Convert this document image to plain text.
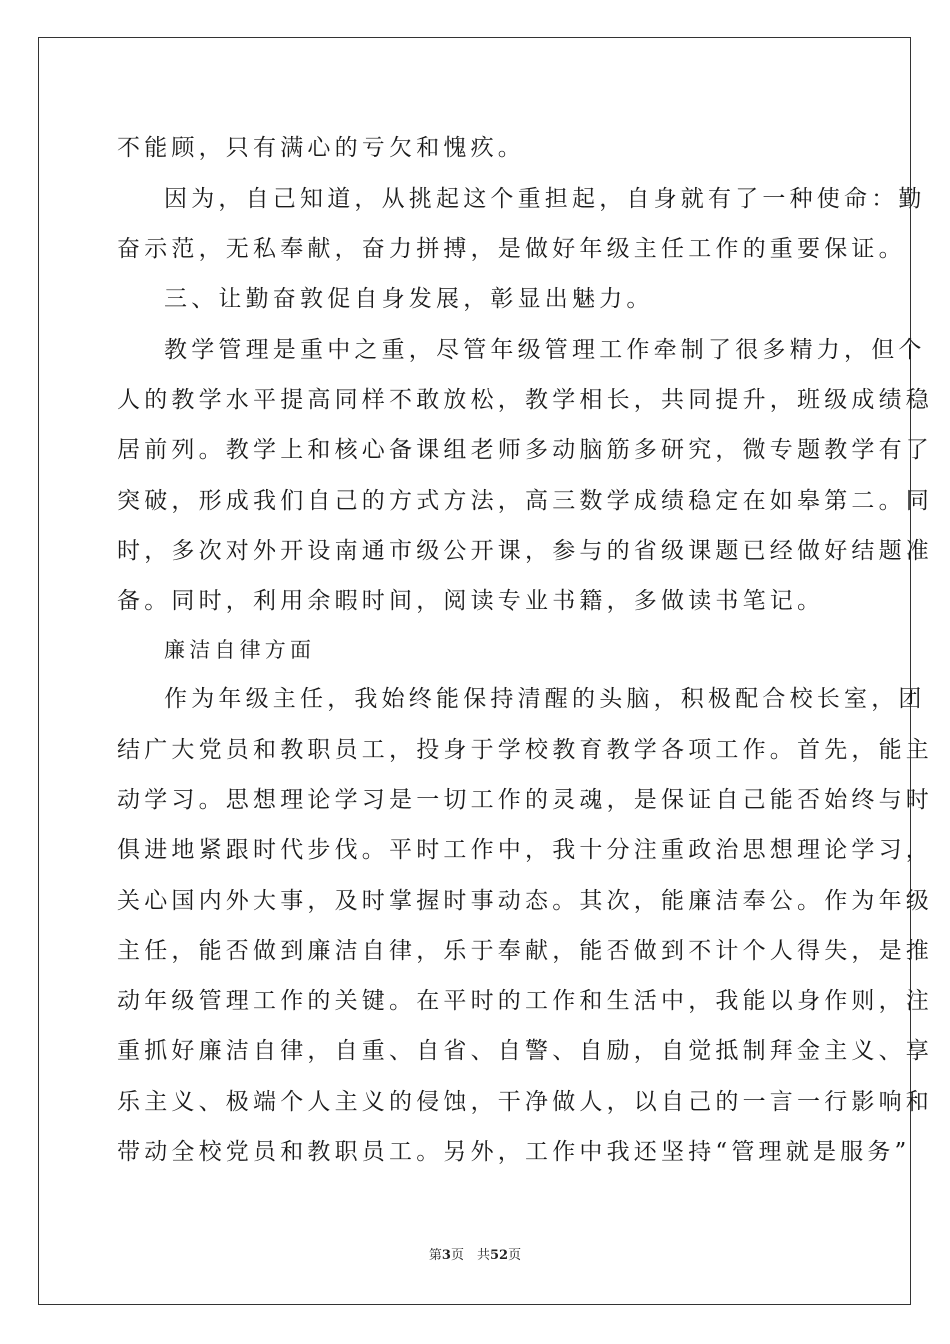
不能顾，只有满心的亏欠和愧疚。
因为，自己知道，从挑起这个重担起，自身就有了一种使命：勤
奋示范，无私奉献，奋力拼搏，是做好年级主任工作的重要保证。
三、让勤奋敦促自身发展，彰显出魅力。
教学管理是重中之重，尽管年级管理工作牵制了很多精力，但个
人的教学水平提高同样不敢放松，教学相长，共同提升，班级成绩稳
居前列。教学上和核心备课组老师多动脑筋多研究，微专题教学有了
突破，形成我们自己的方式方法，高三数学成绩稳定在如皋第二。同
时，多次对外开设南通市级公开课，参与的省级课题已经做好结题准
备。同时，利用余暇时间，阅读专业书籍，多做读书笔记。
廉洁自律方面
作为年级主任，我始终能保持清醒的头脑，积极配合校长室，团
结广大党员和教职员工，投身于学校教育教学各项工作。首先，能主
动学习。思想理论学习是一切工作的灵魂，是保证自己能否始终与时
俱进地紧跟时代步伐。平时工作中，我十分注重政治思想理论学习，
关心国内外大事，及时掌握时事动态。其次，能廉洁奉公。作为年级
主任，能否做到廉洁自律，乐于奉献，能否做到不计个人得失，是推
动年级管理工作的关键。在平时的工作和生活中，我能以身作则，注
重抓好廉洁自律，自重、自省、自警、自励，自觉抵制拜金主义、享
乐主义、极端个人主义的侵蚀，干净做人，以自己的一言一行影响和
带动全校党员和教职员工。另外，工作中我还坚持“管理就是服务”
第3页　共52页
